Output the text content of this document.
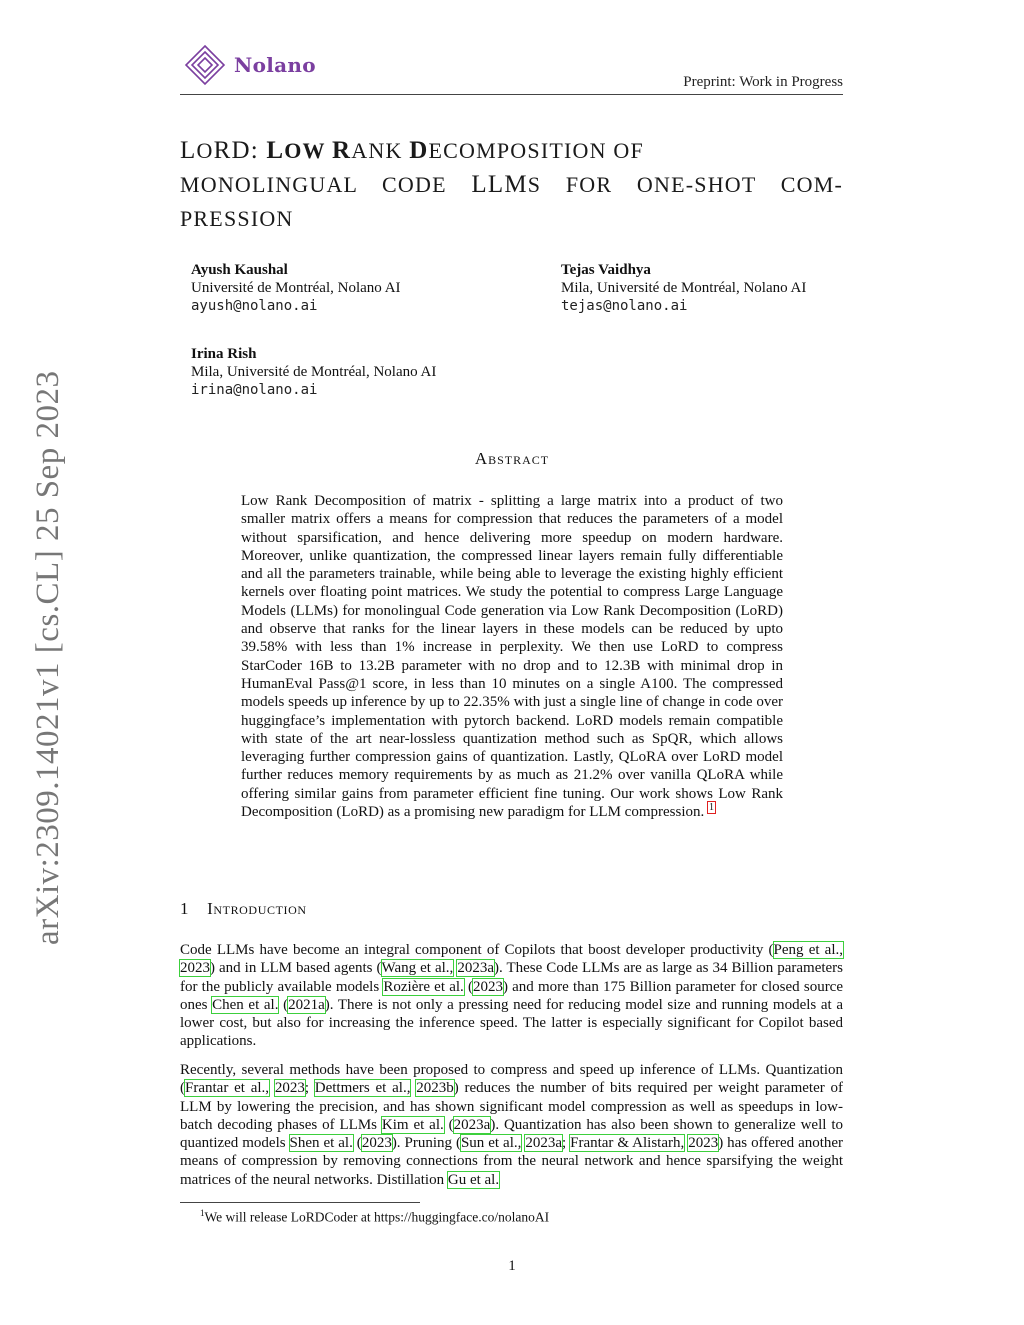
Nolano
Preprint: Work in Progress
arXiv:2309.14021v1 [cs.CL] 25 Sep 2023
LORD: LOW RANK DECOMPOSITION OF
MONOLINGUAL CODE LLMS FOR ONE-SHOT COM-
PRESSION
Ayush Kaushal
Université de Montréal, Nolano AI
ayush@nolano.ai
Tejas Vaidhya
Mila, Université de Montréal, Nolano AI
tejas@nolano.ai
Irina Rish
Mila, Université de Montréal, Nolano AI
irina@nolano.ai
Abstract
Low Rank Decomposition of matrix - splitting a large matrix into a product of two smaller matrix offers a means for compression that reduces the parameters of a model without sparsification, and hence delivering more speedup on modern hardware. Moreover, unlike quantization, the compressed linear layers remain fully differentiable and all the parameters trainable, while being able to leverage the existing highly efficient kernels over floating point matrices. We study the potential to compress Large Language Models (LLMs) for monolingual Code generation via Low Rank Decomposition (LoRD) and observe that ranks for the linear layers in these models can be reduced by upto 39.58% with less than 1% increase in perplexity. We then use LoRD to compress StarCoder 16B to 13.2B parameter with no drop and to 12.3B with minimal drop in HumanEval Pass@1 score, in less than 10 minutes on a single A100. The compressed models speeds up inference by up to 22.35% with just a single line of change in code over huggingface’s implementation with pytorch backend. LoRD models remain compatible with state of the art near-lossless quantization method such as SpQR, which allows leveraging further compression gains of quantization. Lastly, QLoRA over LoRD model further reduces memory requirements by as much as 21.2% over vanilla QLoRA while offering similar gains from parameter efficient fine tuning. Our work shows Low Rank Decomposition (LoRD) as a promising new paradigm for LLM compression. $^1$
1 Introduction
Code LLMs have become an integral component of Copilots that boost developer productivity (Peng et al., 2023) and in LLM based agents (Wang et al., 2023a). These Code LLMs are as large as 34 Billion parameters for the publicly available models Rozière et al. (2023) and more than 175 Billion parameter for closed source ones Chen et al. (2021a). There is not only a pressing need for reducing model size and running models at a lower cost, but also for increasing the inference speed. The latter is especially significant for Copilot based applications.
Recently, several methods have been proposed to compress and speed up inference of LLMs. Quantization (Frantar et al., 2023; Dettmers et al., 2023b) reduces the number of bits required per weight parameter of LLM by lowering the precision, and has shown significant model compression as well as speedups in low-batch decoding phases of LLMs Kim et al. (2023a). Quantization has also been shown to generalize well to quantized models Shen et al. (2023). Pruning (Sun et al., 2023a; Frantar & Alistarh, 2023) has offered another means of compression by removing connections from the neural network and hence sparsifying the weight matrices of the neural networks. Distillation Gu et al.
$^1$We will release LoRDCoder at https://huggingface.co/nolanoAI
1
